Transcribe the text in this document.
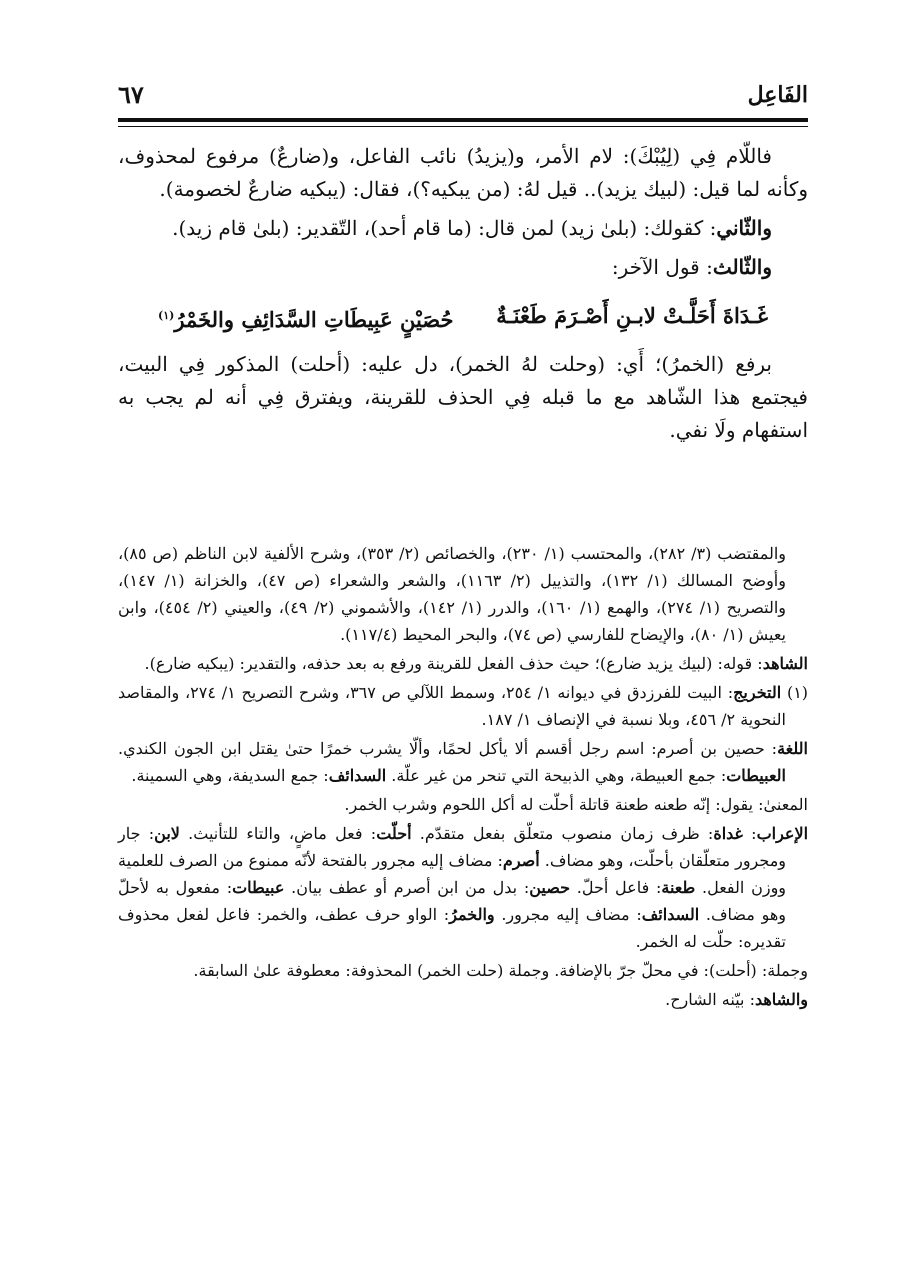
الفَاعِل
٦٧

فاللّام فِي (لِيُبْكَ): لام الأمر، و(يزيدُ) نائب الفاعل، و(ضارعٌ) مرفوع لمحذوف، وكأنه لما قيل: (لبيك يزيد).. قيل لهُ: (من يبكيه؟)، فقال: (يبكيه ضارعٌ لخصومة).

والثّاني: كقولك: (بلىٰ زيد) لمن قال: (ما قام أحد)، التّقدير: (بلىٰ قام زيد).

والثّالث: قول الآخر:

غَـدَاةَ أَحَلَّـتْ لابـنِ أَصْـرَمَ طَعْنَـةٌ
حُصَيْنٍ عَبِيطَاتِ السَّدَائِفِ والخَمْرُ$^{(١)}$

برفع (الخمرُ)؛ أَي: (وحلت لهُ الخمر)، دل عليه: (أحلت) المذكور فِي البيت، فيجتمع هذا الشّاهد مع ما قبله فِي الحذف للقرينة، ويفترق فِي أنه لم يجب به استفهام ولَا نفي.

والمقتضب (٣/ ٢٨٢)، والمحتسب (١/ ٢٣٠)، والخصائص (٢/ ٣٥٣)، وشرح الألفية لابن الناظم (ص ٨٥)، وأوضح المسالك (١/ ١٣٢)، والتذييل (٢/ ١١٦٣)، والشعر والشعراء (ص ٤٧)، والخزانة (١/ ١٤٧)، والتصريح (١/ ٢٧٤)، والهمع (١/ ١٦٠)، والدرر (١/ ١٤٢)، والأشموني (٢/ ٤٩)، والعيني (٢/ ٤٥٤)، وابن يعيش (١/ ٨٠)، والإيضاح للفارسي (ص ٧٤)، والبحر المحيط (١١٧/٤).
الشاهد: قوله: (لبيك يزيد ضارع)؛ حيث حذف الفعل للقرينة ورفع به بعد حذفه، والتقدير: (يبكيه ضارع).
(١) التخريج: البيت للفرزدق في ديوانه ١/ ٢٥٤، وسمط اللآلي ص ٣٦٧، وشرح التصريح ١/ ٢٧٤، والمقاصد النحوية ٢/ ٤٥٦، وبلا نسبة في الإنصاف ١/ ١٨٧.
اللغة: حصين بن أصرم: اسم رجل أقسم ألا يأكل لحمًا، وألّا يشرب خمرًا حتىٰ يقتل ابن الجون الكندي. العبيطات: جمع العبيطة، وهي الذبيحة التي تنحر من غير علّة. السدائف: جمع السديفة، وهي السمينة.
المعنىٰ: يقول: إنّه طعنه طعنة قاتلة أحلّت له أكل اللحوم وشرب الخمر.
الإعراب: غداة: ظرف زمان منصوب متعلّق بفعل متقدّم. أحلّت: فعل ماضٍ، والتاء للتأنيث. لابن: جار ومجرور متعلّقان بأحلّت، وهو مضاف. أصرم: مضاف إليه مجرور بالفتحة لأنّه ممنوع من الصرف للعلمية ووزن الفعل. طعنة: فاعل أحلّ. حصين: بدل من ابن أصرم أو عطف بيان. عبيطات: مفعول به لأحلّ وهو مضاف. السدائف: مضاف إليه مجرور. والخمرُ: الواو حرف عطف، والخمر: فاعل لفعل محذوف تقديره: حلّت له الخمر.
وجملة: (أحلت): في محلّ جرّ بالإضافة. وجملة (حلت الخمر) المحذوفة: معطوفة علىٰ السابقة.
والشاهد: بيّنه الشارح.
